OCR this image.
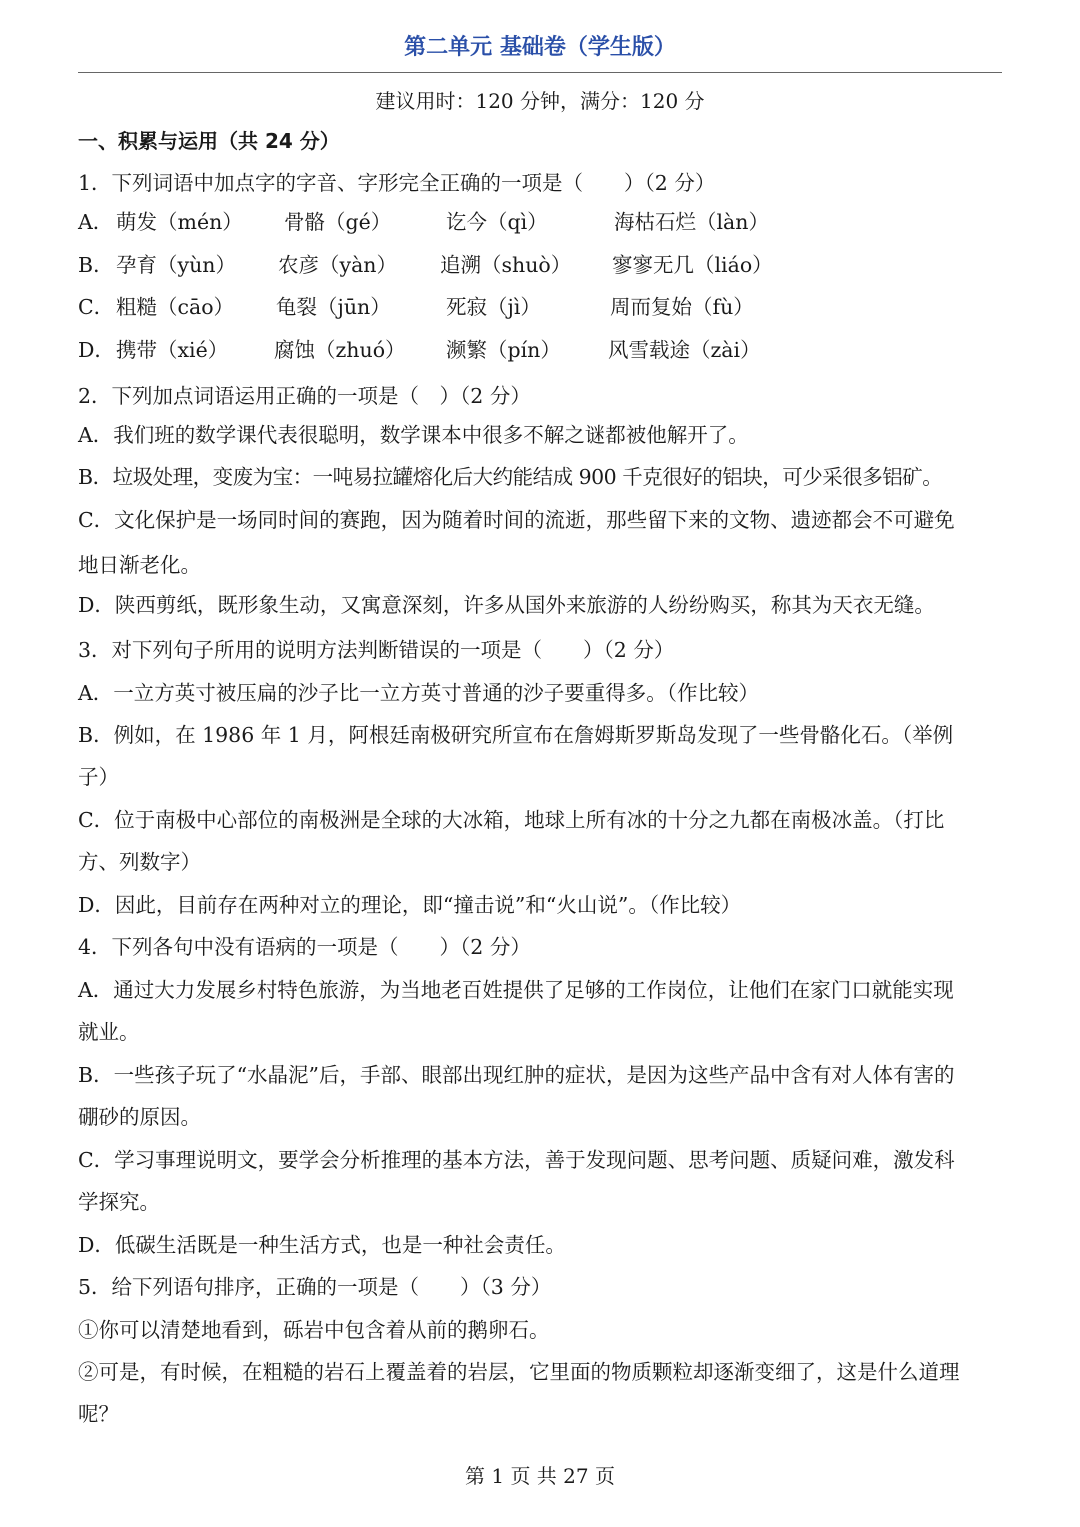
第二单元 基础卷（学生版）
建议用时：120 分钟，满分：120 分
一、积累与运用（共 24 分）
1．下列词语中加点字的字音、字形完全正确的一项是（　　）（2 分）
A． 萌发（mén）	骨骼（gé）	讫今（qì）	海枯石烂（làn）
B． 孕育（yùn）	农彦（yàn）	追溯（shuò）	寥寥无几（liáo）
C． 粗糙（cāo）	龟裂（jūn）	死寂（jì）	周而复始（fù）
D． 携带（xié）	腐蚀（zhuó）	濒繁（pín）	风雪载途（zài）
2．下列加点词语运用正确的一项是（　）（2 分）
A．我们班的数学课代表很聪明，数学课本中很多不解之谜都被他解开了。
B．垃圾处理，变废为宝：一吨易拉罐熔化后大约能结成 900 千克很好的铝块，可少采很多铝矿。
C．文化保护是一场同时间的赛跑，因为随着时间的流逝，那些留下来的文物、遗迹都会不可避免
地日渐老化。
D．陕西剪纸，既形象生动，又寓意深刻，许多从国外来旅游的人纷纷购买，称其为天衣无缝。
3．对下列句子所用的说明方法判断错误的一项是（　　）（2 分）
A．一立方英寸被压扁的沙子比一立方英寸普通的沙子要重得多。（作比较）
B．例如，在 1986 年 1 月，阿根廷南极研究所宣布在詹姆斯罗斯岛发现了一些骨骼化石。（举例
子）
C．位于南极中心部位的南极洲是全球的大冰箱，地球上所有冰的十分之九都在南极冰盖。（打比
方、列数字）
D．因此，目前存在两种对立的理论，即“撞击说”和“火山说”。（作比较）
4．下列各句中没有语病的一项是（　　）（2 分）
A．通过大力发展乡村特色旅游，为当地老百姓提供了足够的工作岗位，让他们在家门口就能实现
就业。
B．一些孩子玩了“水晶泥”后，手部、眼部出现红肿的症状，是因为这些产品中含有对人体有害的
硼砂的原因。
C．学习事理说明文，要学会分析推理的基本方法，善于发现问题、思考问题、质疑问难，激发科
学探究。
D．低碳生活既是一种生活方式，也是一种社会责任。
5．给下列语句排序，正确的一项是（　　）（3 分）
①你可以清楚地看到，砾岩中包含着从前的鹅卵石。
②可是，有时候，在粗糙的岩石上覆盖着的岩层，它里面的物质颗粒却逐渐变细了，这是什么道理
呢？
第 1 页 共 27 页
